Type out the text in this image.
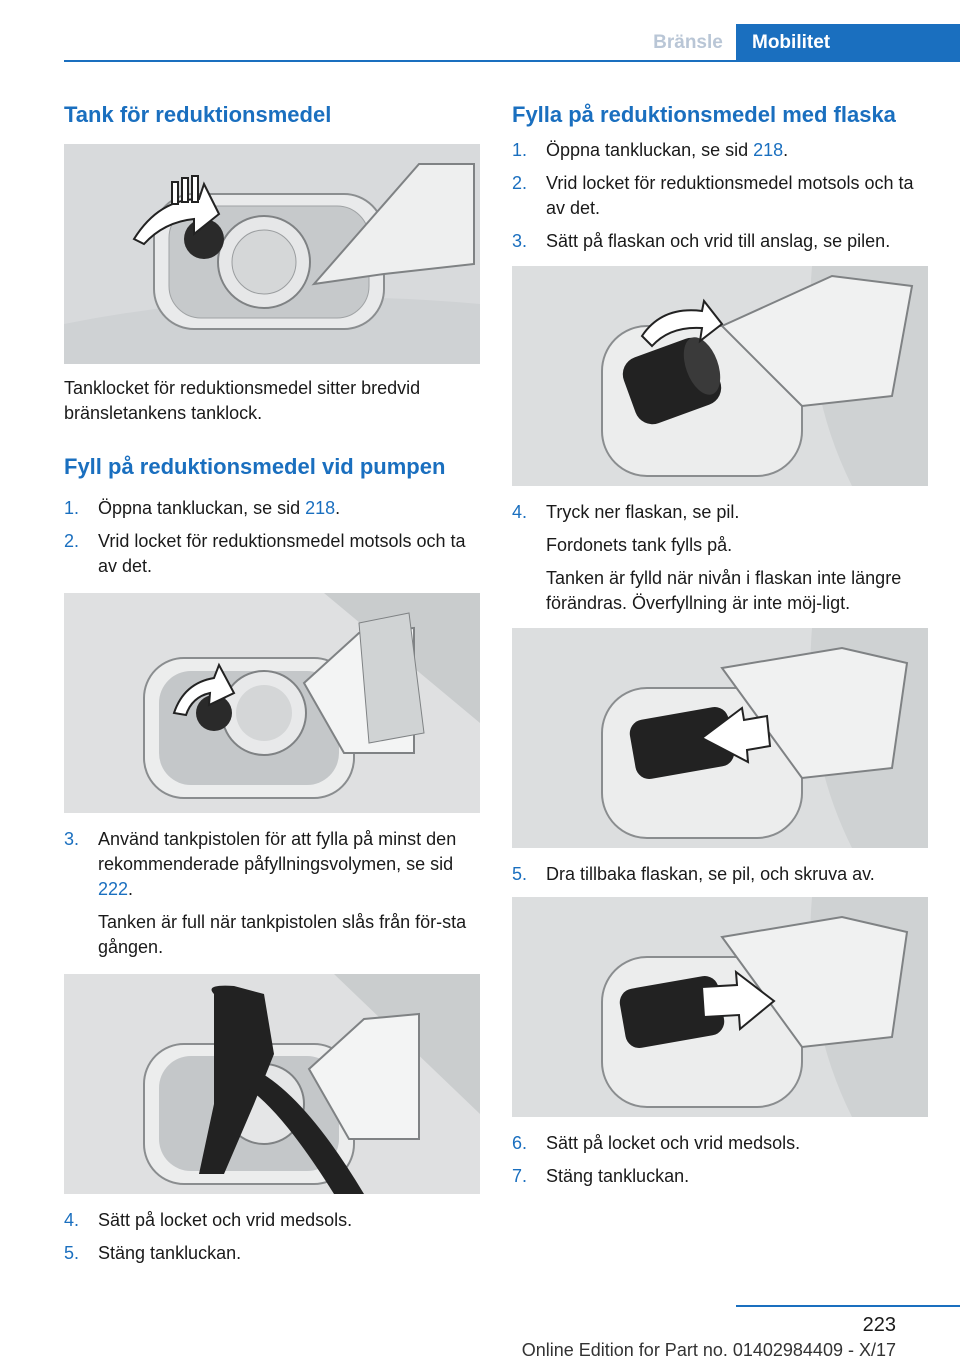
Bränsle	Mobilitet
Tank för reduktionsmedel

Tanklocket för reduktionsmedel sitter bredvid bränsletankens tanklock.

Fyll på reduktionsmedel vid pumpen
1.	Öppna tankluckan, se sid 218.
2.	Vrid locket för reduktionsmedel motsols och ta av det.
3.	Använd tankpistolen för att fylla på minst den rekommenderade påfyllningsvolymen, se sid 222.
Tanken är full när tankpistolen slås från för-sta gången.
4.	Sätt på locket och vrid medsols.
5.	Stäng tankluckan.
Fylla på reduktionsmedel med flaska
1.	Öppna tankluckan, se sid 218.
2.	Vrid locket för reduktionsmedel motsols och ta av det.
3.	Sätt på flaskan och vrid till anslag, se pilen.
4.	Tryck ner flaskan, se pil.
Fordonets tank fylls på.
Tanken är fylld när nivån i flaskan inte längre förändras. Överfyllning är inte möj-ligt.
5.	Dra tillbaka flaskan, se pil, och skruva av.
6.	Sätt på locket och vrid medsols.
7.	Stäng tankluckan.
223
Online Edition for Part no. 01402984409 - X/17
